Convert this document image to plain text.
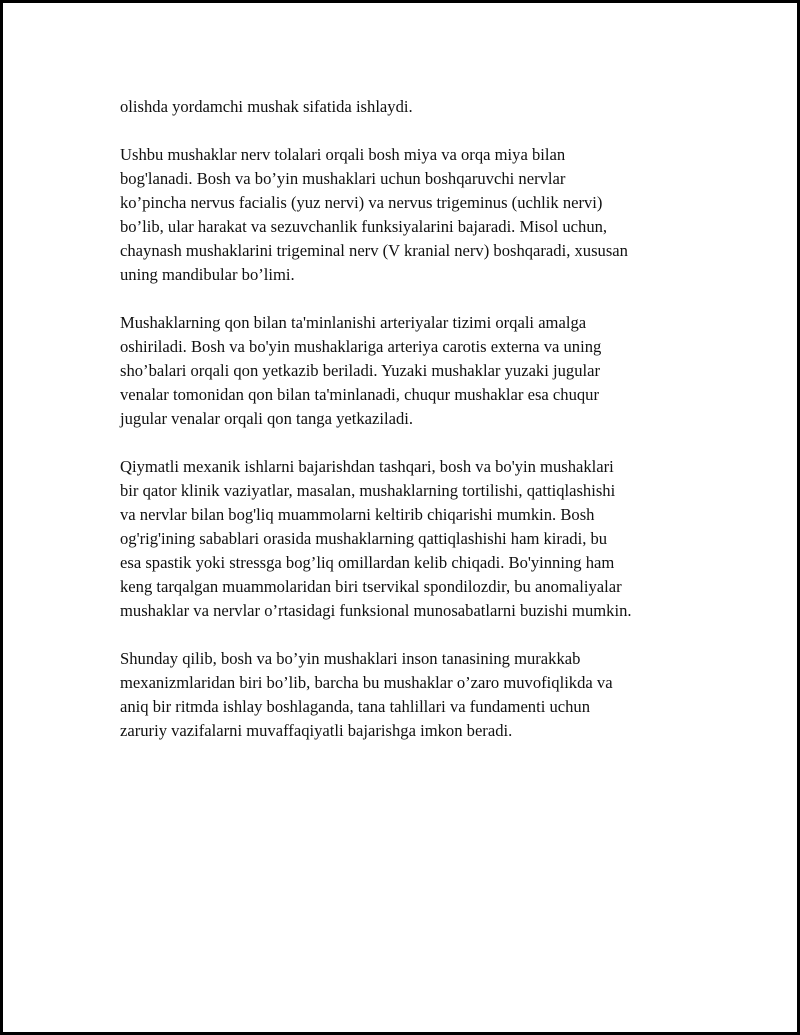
olishda yordamchi mushak sifatida ishlaydi.

Ushbu mushaklar nerv tolalari orqali bosh miya va orqa miya bilan
bog'lanadi. Bosh va bo’yin mushaklari uchun boshqaruvchi nervlar
ko’pincha nervus facialis (yuz nervi) va nervus trigeminus (uchlik nervi)
bo’lib, ular harakat va sezuvchanlik funksiyalarini bajaradi. Misol uchun,
chaynash mushaklarini trigeminal nerv (V kranial nerv) boshqaradi, xususan
uning mandibular bo’limi.

Mushaklarning qon bilan ta'minlanishi arteriyalar tizimi orqali amalga
oshiriladi. Bosh va bo'yin mushaklariga arteriya carotis externa va uning
sho’balari orqali qon yetkazib beriladi. Yuzaki mushaklar yuzaki jugular
venalar tomonidan qon bilan ta'minlanadi, chuqur mushaklar esa chuqur
jugular venalar orqali qon tanga yetkaziladi.

Qiymatli mexanik ishlarni bajarishdan tashqari, bosh va bo'yin mushaklari
bir qator klinik vaziyatlar, masalan, mushaklarning tortilishi, qattiqlashishi
va nervlar bilan bog'liq muammolarni keltirib chiqarishi mumkin. Bosh
og'rig'ining sabablari orasida mushaklarning qattiqlashishi ham kiradi, bu
esa spastik yoki stressga bog’liq omillardan kelib chiqadi. Bo'yinning ham
keng tarqalgan muammolaridan biri tservikal spondilozdir, bu anomaliyalar
mushaklar va nervlar o’rtasidagi funksional munosabatlarni buzishi mumkin.

Shunday qilib, bosh va bo’yin mushaklari inson tanasining murakkab
mexanizmlaridan biri bo’lib, barcha bu mushaklar o’zaro muvofiqlikda va
aniq bir ritmda ishlay boshlaganda, tana tahlillari va fundamenti uchun
zaruriy vazifalarni muvaffaqiyatli bajarishga imkon beradi.
